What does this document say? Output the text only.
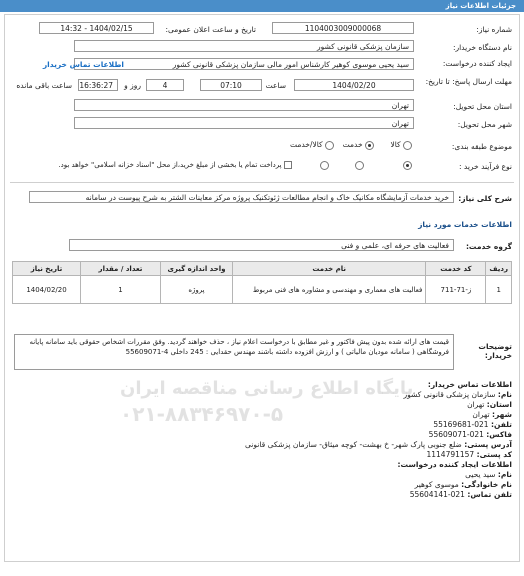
جزئیات اطلاعات نیاز
شماره نیاز:
1104003009000068
تاریخ و ساعت اعلان عمومی:
1404/02/15 - 14:32
نام دستگاه خریدار:
سازمان پزشکی قانونی کشور
ایجاد کننده درخواست:
سید یحیی موسوی کوهیر کارشناس امور مالی سازمان پزشکی قانونی کشور
اطلاعات تماس خریدار
مهلت ارسال پاسخ: تا تاریخ:
1404/02/20
ساعت
07:10
4
روز و
16:36:27
ساعت باقی مانده
استان محل تحویل:
تهران
شهر محل تحویل:
تهران
موضوع طبقه بندی:
کالا
خدمت
کالا/خدمت
نوع فرآیند خرید :
پرداخت تمام یا بخشی از مبلغ خرید،از محل "اسناد خزانه اسلامی" خواهد بود.
شرح کلی نیاز:
خرید خدمات آزمایشگاه مکانیک خاک و انجام مطالعات ژئوتکنیک پروژه مرکز معاینات الشتر به شرح پیوست در سامانه
اطلاعات خدمات مورد نیاز
گروه خدمت:
فعالیت های حرفه ای، علمی و فنی
ردیف	کد خدمت	نام خدمت	واحد اندازه گیری	تعداد / مقدار	تاریخ نیاز
1	ز-71-711	فعالیت های معماری و مهندسی و مشاوره های فنی مربوط	پروژه	1	1404/02/20
توضیحات خریدار:
قیمت های ارائه شده بدون پیش فاکتور و غیر مطابق با درخواست اعلام نیاز ، حذف خواهند گردید. وفق مقررات اشخاص حقوقی باید سامانه پایانه فروشگاهی ( سامانه مودیان مالیاتی ) و ارزش افزوده داشته باشند مهندس حقدایی : 245 داخلی 4-55609071
پایگاه اطلاع رسانی مناقصه ایران
۰۲۱-۸۸۳۴۶۹۷۰-۵
اطلاعات تماس خریدار:
نام: سازمان پزشکی قانونی کشور
استان: تهران
شهر: تهران
تلفن: 021-55169681
فاکس: 021-55609071
آدرس پستی: ضلع جنوبی پارک شهر- خ بهشت- کوچه میثاق- سازمان پزشکی قانونی
کد پستی: 1114791157
اطلاعات ایجاد کننده درخواست:
نام: سید یحیی
نام خانوادگی: موسوی کوهیر
تلفن تماس: 021-55604141
